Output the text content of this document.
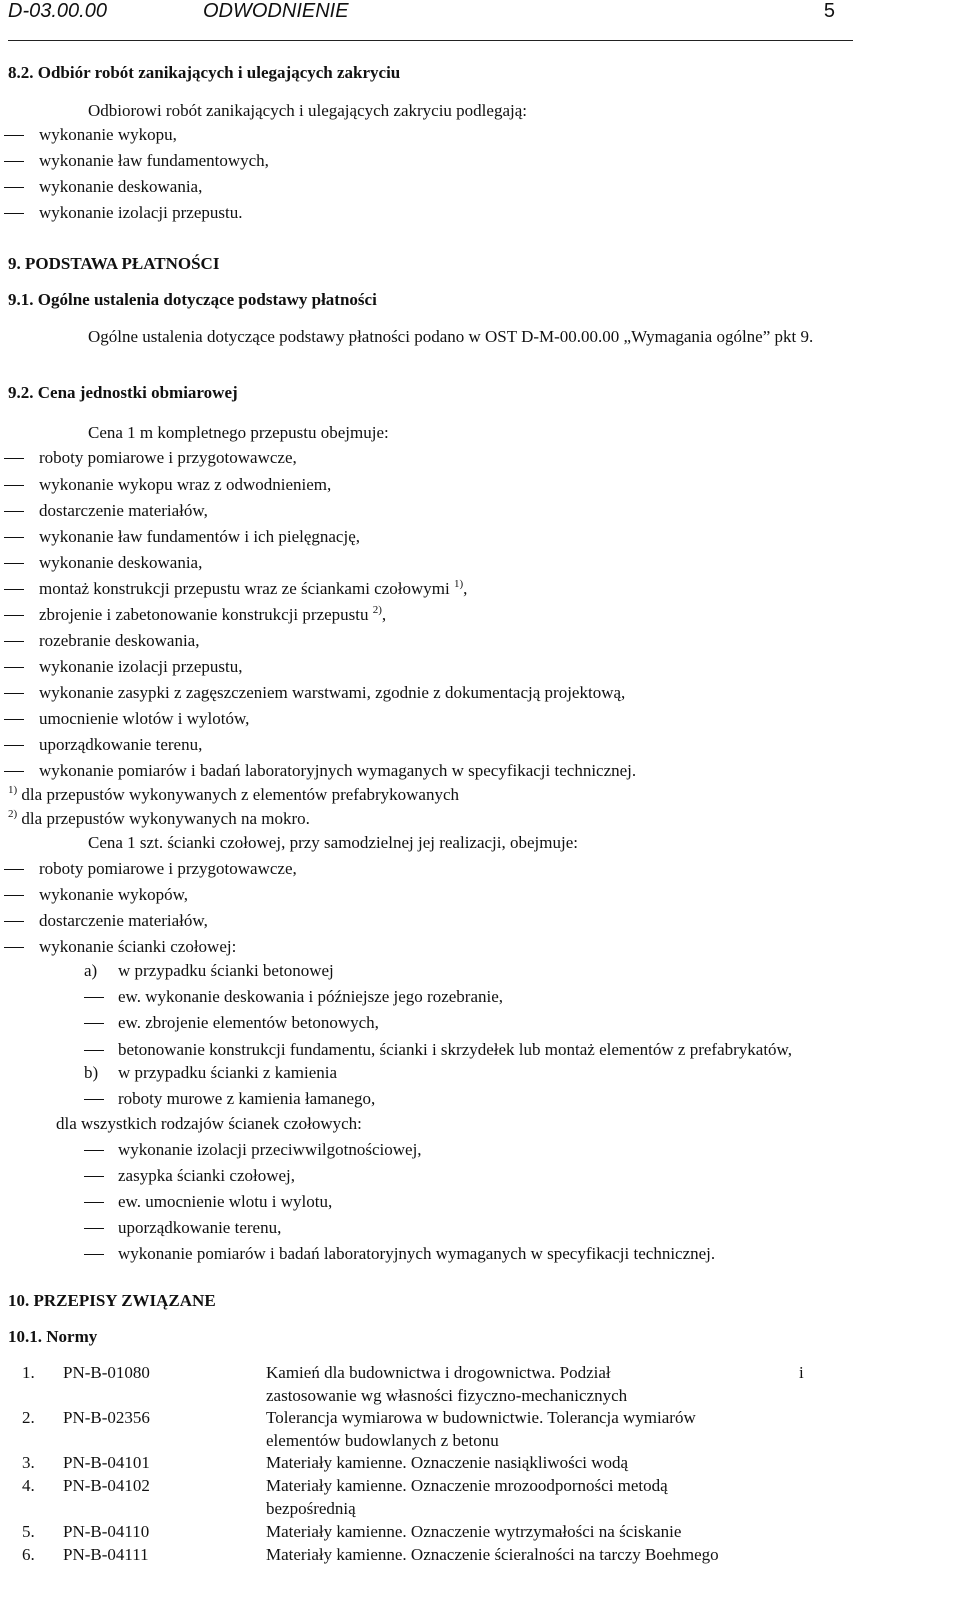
D-03.00.00	ODWODNIENIE	5
8.2. Odbiór robót zanikających i ulegających zakryciu
Odbiorowi robót zanikających i ulegających zakryciu podlegają:
wykonanie wykopu,
wykonanie ław fundamentowych,
wykonanie deskowania,
wykonanie izolacji przepustu.
9. PODSTAWA PŁATNOŚCI
9.1. Ogólne ustalenia dotyczące podstawy płatności
Ogólne ustalenia dotyczące podstawy płatności podano w OST D-M-00.00.00 „Wymagania ogólne” pkt 9.
9.2. Cena jednostki obmiarowej
Cena 1 m kompletnego przepustu obejmuje:
roboty pomiarowe i przygotowawcze,
wykonanie wykopu wraz z odwodnieniem,
dostarczenie materiałów,
wykonanie ław fundamentów i ich pielęgnację,
wykonanie deskowania,
montaż konstrukcji przepustu wraz ze ściankami czołowymi $^{1)}$,
zbrojenie i zabetonowanie konstrukcji przepustu $^{2)}$,
rozebranie deskowania,
wykonanie izolacji przepustu,
wykonanie zasypki z zagęszczeniem warstwami, zgodnie z dokumentacją projektową,
umocnienie wlotów i wylotów,
uporządkowanie terenu,
wykonanie pomiarów i badań laboratoryjnych wymaganych w specyfikacji technicznej.
$^{1)}$ dla przepustów wykonywanych z elementów prefabrykowanych
$^{2)}$ dla przepustów wykonywanych na mokro.
Cena 1 szt. ścianki czołowej, przy samodzielnej jej realizacji, obejmuje:
roboty pomiarowe i przygotowawcze,
wykonanie wykopów,
dostarczenie materiałów,
wykonanie ścianki czołowej:
a) w przypadku ścianki betonowej
ew. wykonanie deskowania i późniejsze jego rozebranie,
ew. zbrojenie elementów betonowych,
betonowanie konstrukcji fundamentu, ścianki i skrzydełek lub montaż elementów z prefabrykatów,
b) w przypadku ścianki z kamienia
roboty murowe z kamienia łamanego,
dla wszystkich rodzajów ścianek czołowych:
wykonanie izolacji przeciwwilgotnościowej,
zasypka ścianki czołowej,
ew. umocnienie wlotu i wylotu,
uporządkowanie terenu,
wykonanie pomiarów i badań laboratoryjnych wymaganych w specyfikacji technicznej.
10. PRZEPISY ZWIĄZANE
10.1. Normy
1. PN-B-01080	Kamień dla budownictwa i drogownictwa. Podział	i
zastosowanie wg własności fizyczno-mechanicznych
2. PN-B-02356	Tolerancja wymiarowa w budownictwie. Tolerancja wymiarów
elementów budowlanych z betonu
3. PN-B-04101	Materiały kamienne. Oznaczenie nasiąkliwości wodą
4. PN-B-04102	Materiały kamienne. Oznaczenie mrozoodporności metodą
bezpośrednią
5. PN-B-04110	Materiały kamienne. Oznaczenie wytrzymałości na ściskanie
6. PN-B-04111	Materiały kamienne. Oznaczenie ścieralności na tarczy Boehmego
